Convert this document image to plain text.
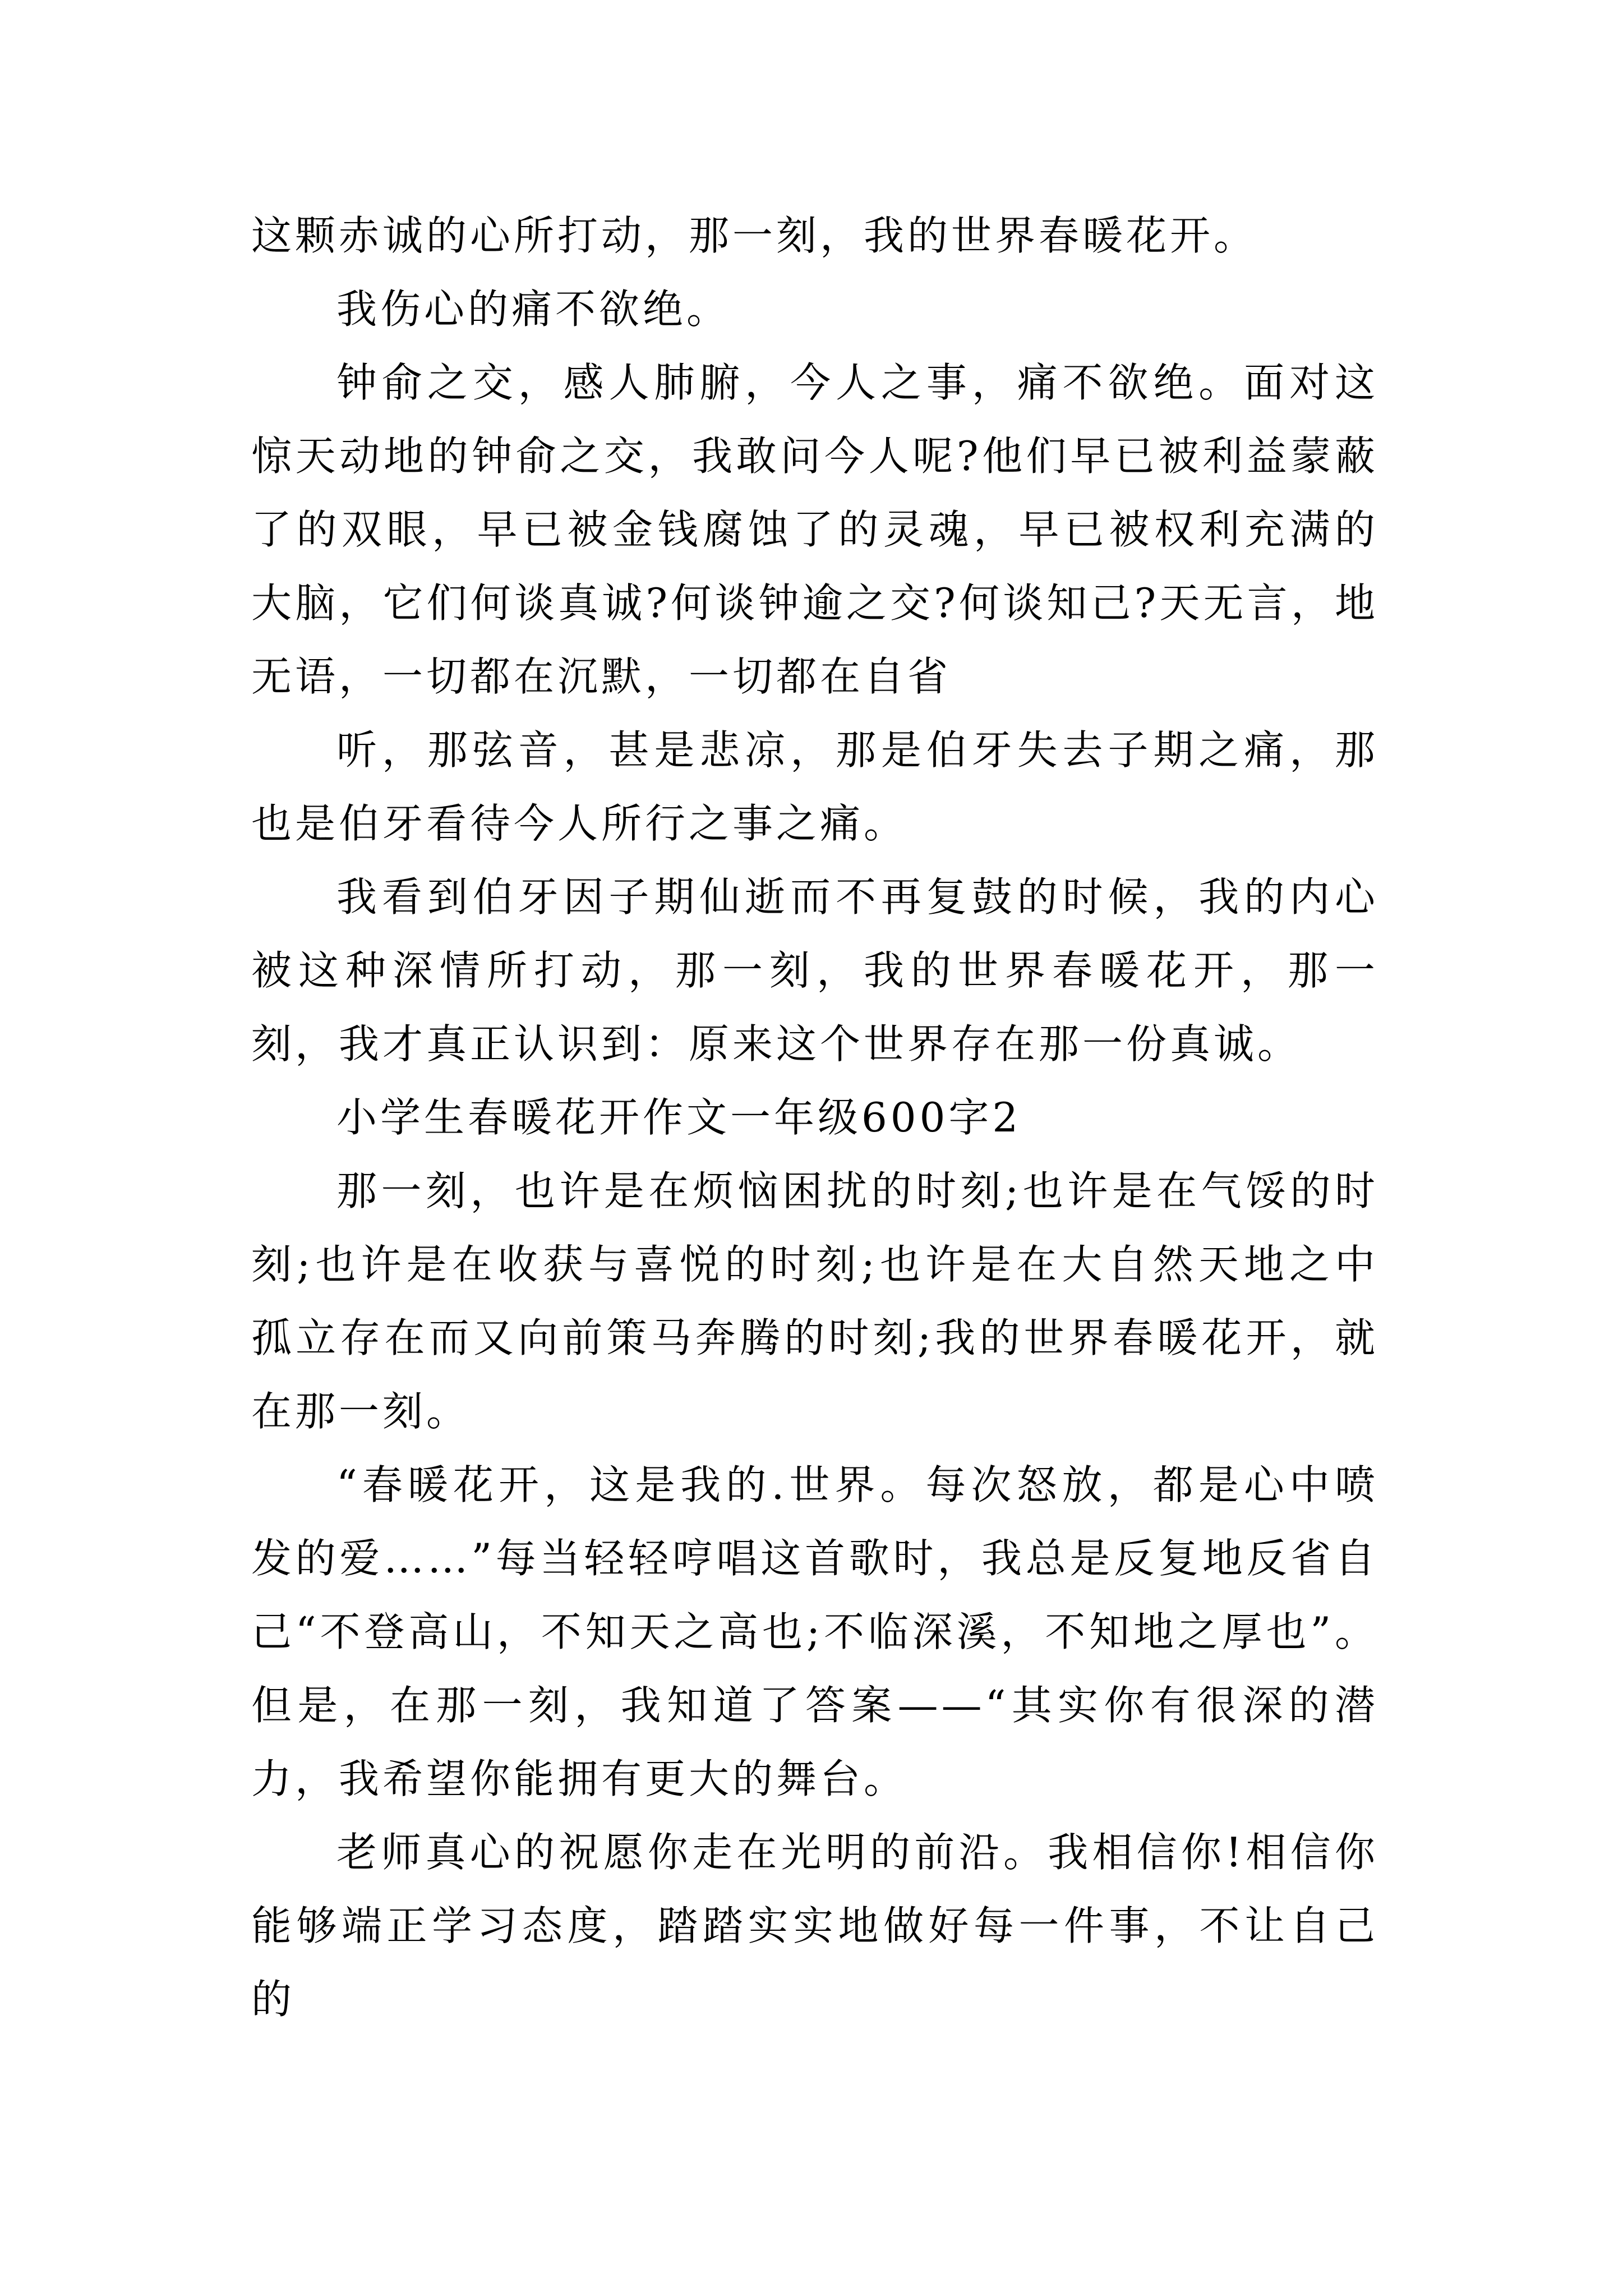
这颗赤诚的心所打动，那一刻，我的世界春暖花开。

我伤心的痛不欲绝。

钟俞之交，感人肺腑，今人之事，痛不欲绝。面对这惊天动地的钟俞之交，我敢问今人呢?他们早已被利益蒙蔽了的双眼，早已被金钱腐蚀了的灵魂，早已被权利充满的大脑，它们何谈真诚?何谈钟逾之交?何谈知己?天无言，地无语，一切都在沉默，一切都在自省

听，那弦音，甚是悲凉，那是伯牙失去子期之痛，那也是伯牙看待今人所行之事之痛。

我看到伯牙因子期仙逝而不再复鼓的时候，我的内心被这种深情所打动，那一刻，我的世界春暖花开，那一刻，我才真正认识到：原来这个世界存在那一份真诚。

小学生春暖花开作文一年级600字2

那一刻，也许是在烦恼困扰的时刻;也许是在气馁的时刻;也许是在收获与喜悦的时刻;也许是在大自然天地之中孤立存在而又向前策马奔腾的时刻;我的世界春暖花开，就在那一刻。

“春暖花开，这是我的.世界。每次怒放，都是心中喷发的爱……”每当轻轻哼唱这首歌时，我总是反复地反省自己“不登高山，不知天之高也;不临深溪，不知地之厚也”。但是，在那一刻，我知道了答案——“其实你有很深的潜力，我希望你能拥有更大的舞台。

老师真心的祝愿你走在光明的前沿。我相信你!相信你能够端正学习态度，踏踏实实地做好每一件事，不让自己的
